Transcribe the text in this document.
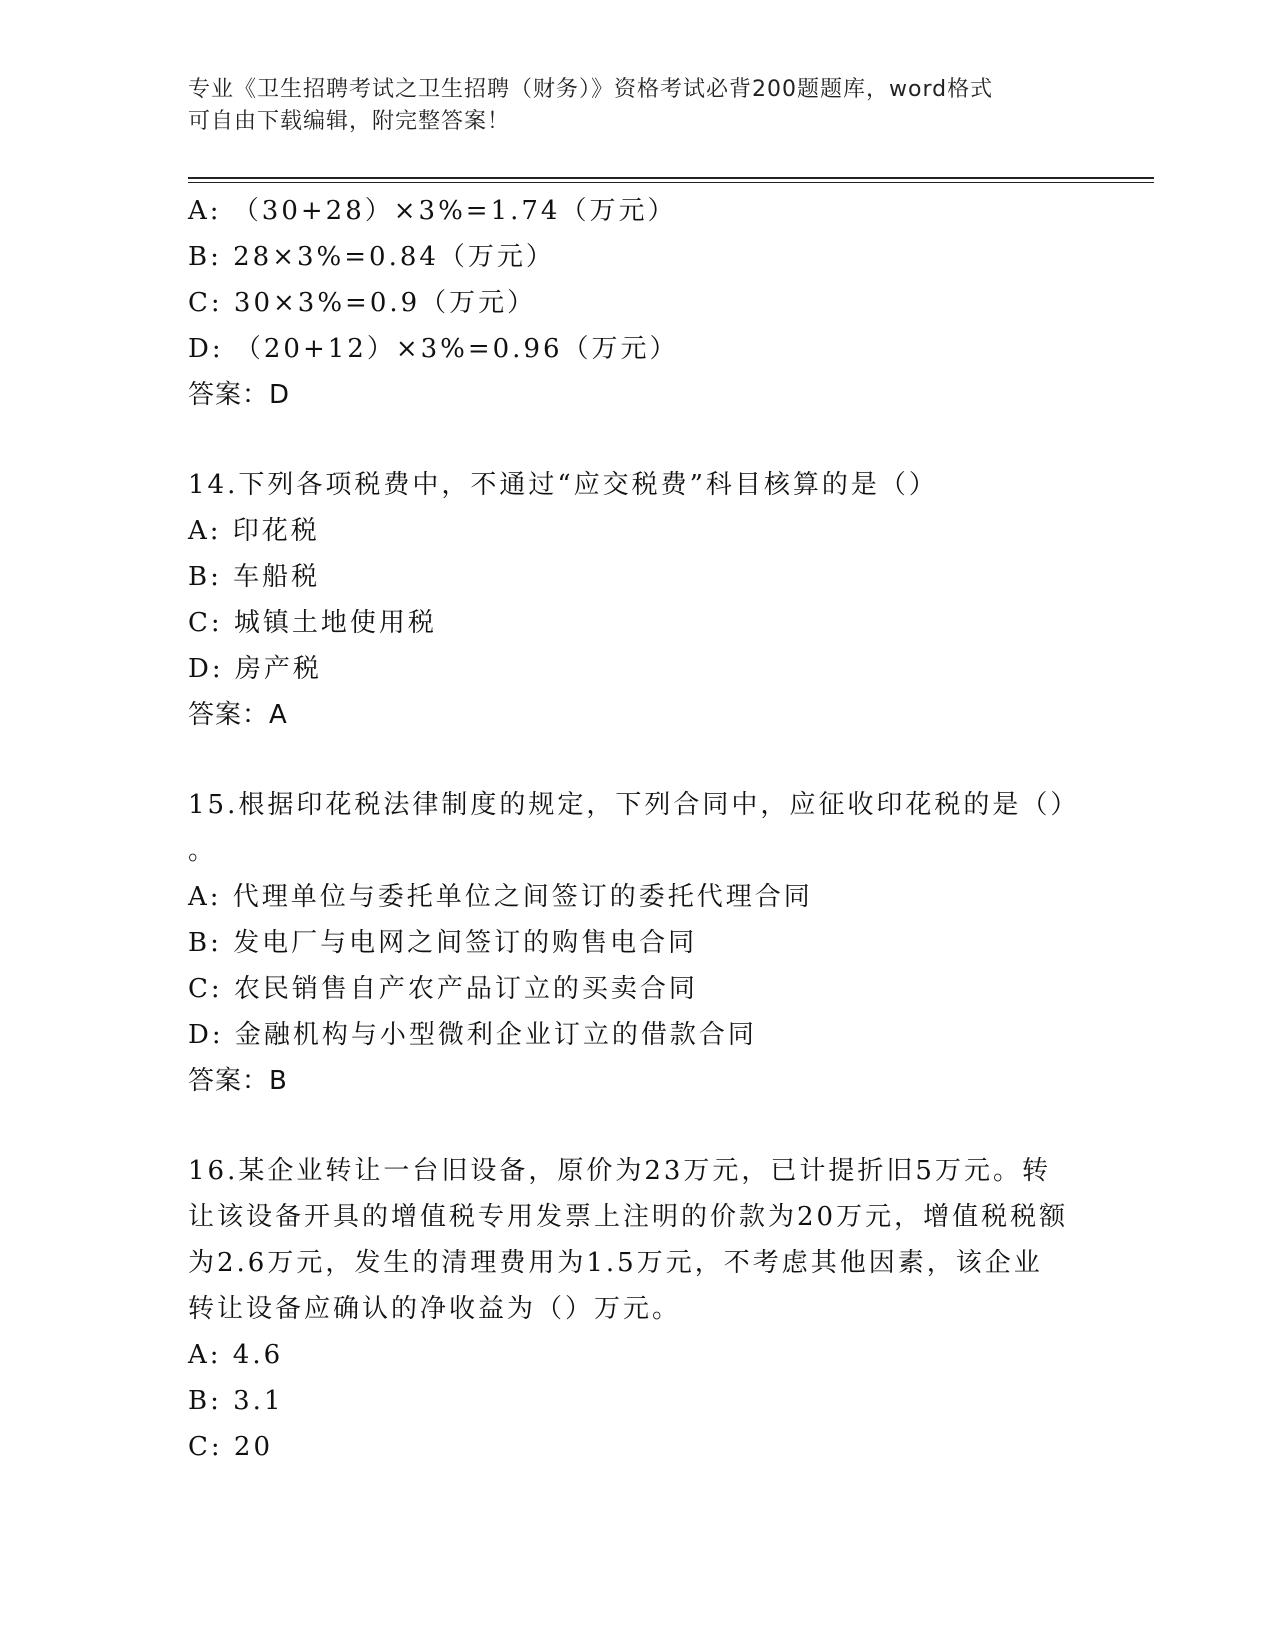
专业《卫生招聘考试之卫生招聘（财务）》资格考试必背200题题库，word格式
可自由下载编辑，附完整答案！
A: （30+28）×3%=1.74（万元）
B: 28×3%=0.84（万元）
C: 30×3%=0.9（万元）
D: （20+12）×3%=0.96（万元）
答案：D
14.下列各项税费中，不通过“应交税费”科目核算的是（）
A: 印花税
B: 车船税
C: 城镇土地使用税
D: 房产税
答案：A
15.根据印花税法律制度的规定，下列合同中，应征收印花税的是（）
。
A: 代理单位与委托单位之间签订的委托代理合同
B: 发电厂与电网之间签订的购售电合同
C: 农民销售自产农产品订立的买卖合同
D: 金融机构与小型微利企业订立的借款合同
答案：B
16.某企业转让一台旧设备，原价为23万元，已计提折旧5万元。转
让该设备开具的增值税专用发票上注明的价款为20万元，增值税税额
为2.6万元，发生的清理费用为1.5万元，不考虑其他因素，该企业
转让设备应确认的净收益为（）万元。
A: 4.6
B: 3.1
C: 20
